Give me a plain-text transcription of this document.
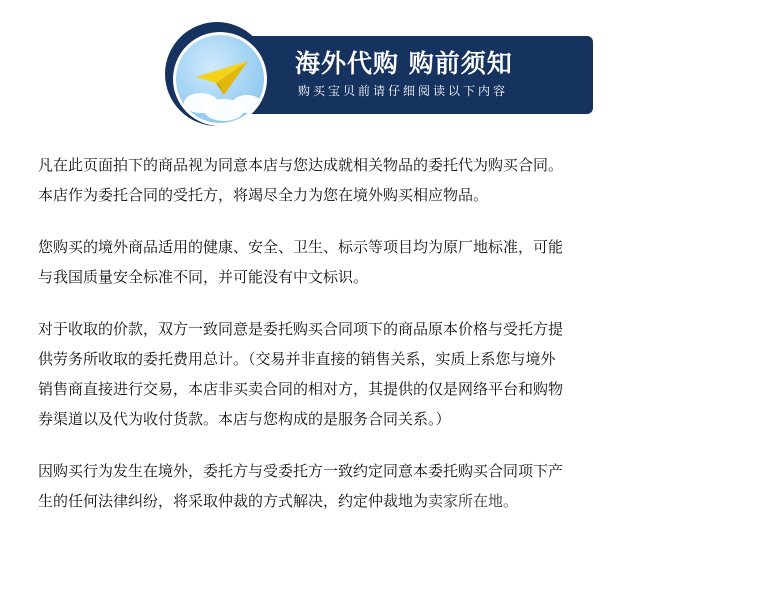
海外代购 购前须知
购买宝贝前请仔细阅读以下内容
凡在此页面拍下的商品视为同意本店与您达成就相关物品的委托代为购买合同。
本店作为委托合同的受托方，将竭尽全力为您在境外购买相应物品。
您购买的境外商品适用的健康、安全、卫生、标示等项目均为原厂地标准，可能
与我国质量安全标准不同，并可能没有中文标识。
对于收取的价款，双方一致同意是委托购买合同项下的商品原本价格与受托方提
供劳务所收取的委托费用总计。（交易并非直接的销售关系，实质上系您与境外
销售商直接进行交易，本店非买卖合同的相对方，其提供的仅是网络平台和购物
券渠道以及代为收付货款。本店与您构成的是服务合同关系。）
因购买行为发生在境外，委托方与受委托方一致约定同意本委托购买合同项下产
生的任何法律纠纷，将采取仲裁的方式解决，约定仲裁地为卖家所在地。
